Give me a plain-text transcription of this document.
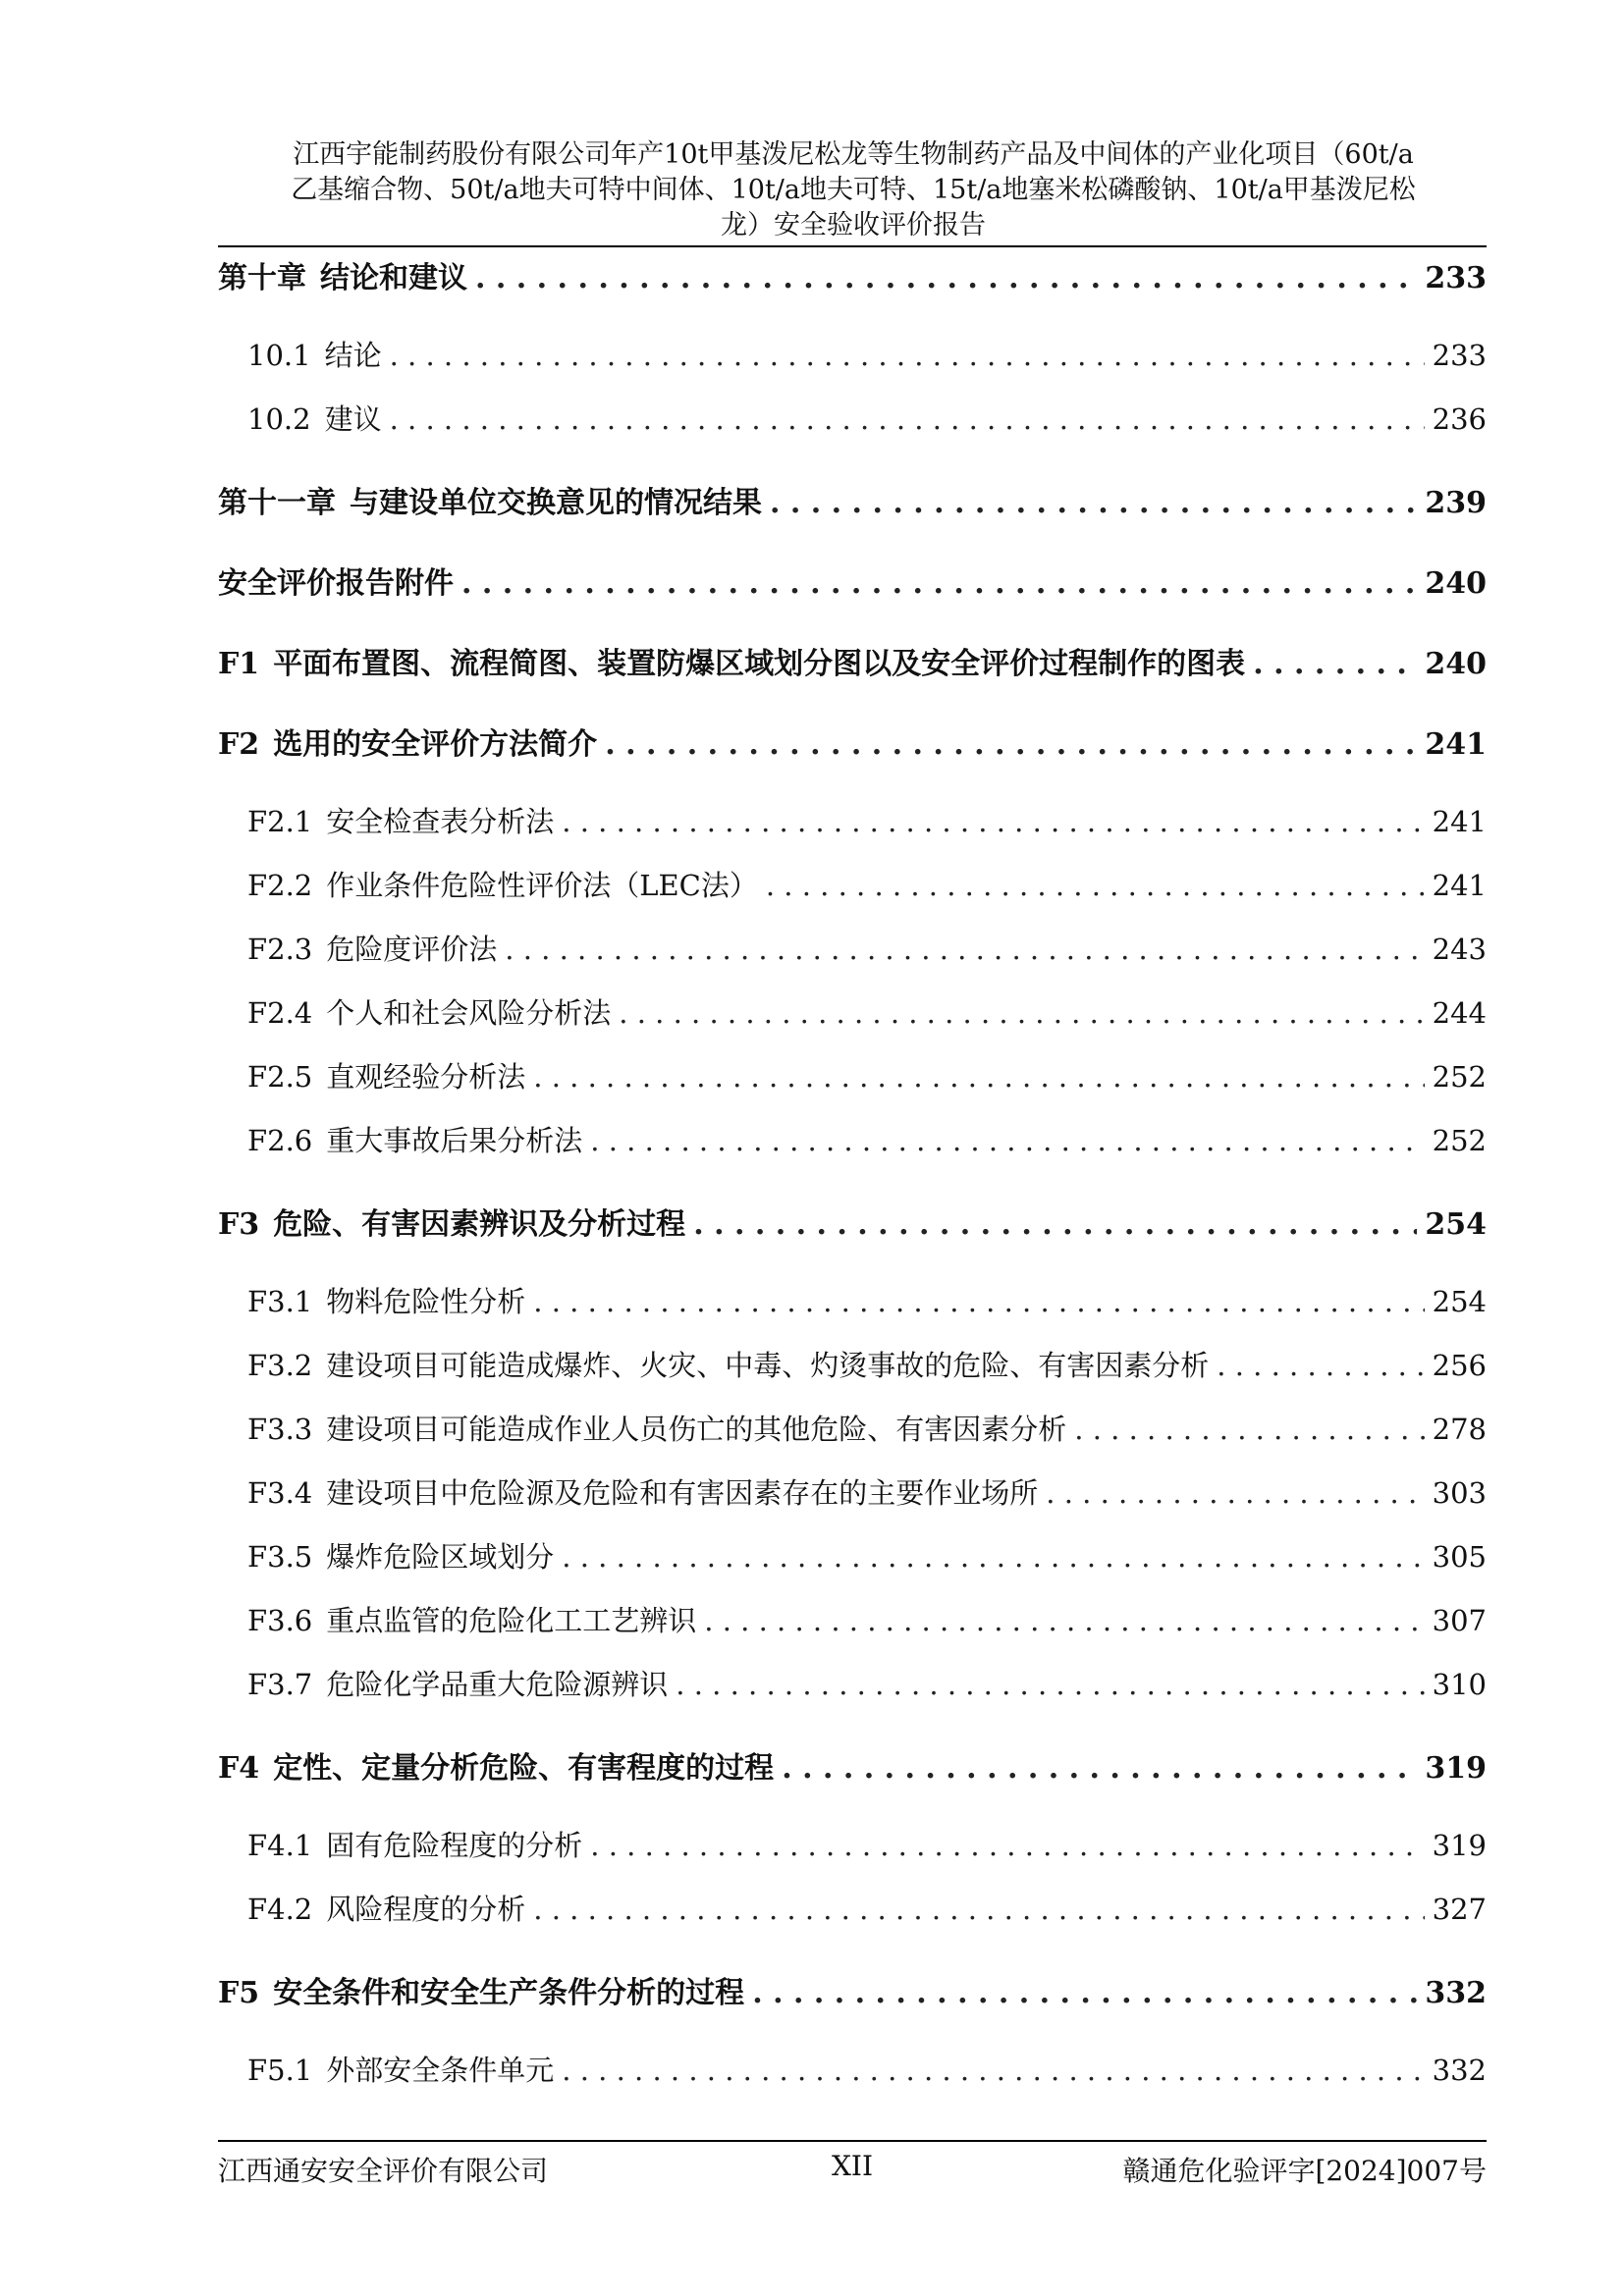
江西宇能制药股份有限公司年产10t甲基泼尼松龙等生物制药产品及中间体的产业化项目（60t/a
乙基缩合物、50t/a地夫可特中间体、10t/a地夫可特、15t/a地塞米松磷酸钠、10t/a甲基泼尼松
龙）安全验收评价报告
第十章 结论和建议 . . .	233
10.1 结论 . . .	233
10.2 建议 . . .	236
第十一章 与建设单位交换意见的情况结果 . . .	239
安全评价报告附件 . . .	240
F1 平面布置图、流程简图、装置防爆区域划分图以及安全评价过程制作的图表 . . .	240
F2 选用的安全评价方法简介 . . .	241
F2.1 安全检查表分析法 . . .	241
F2.2 作业条件危险性评价法（LEC法） . . .	241
F2.3 危险度评价法 . . .	243
F2.4 个人和社会风险分析法 . . .	244
F2.5 直观经验分析法 . . .	252
F2.6 重大事故后果分析法 . . .	252
F3 危险、有害因素辨识及分析过程 . . .	254
F3.1 物料危险性分析 . . .	254
F3.2 建设项目可能造成爆炸、火灾、中毒、灼烫事故的危险、有害因素分析 . . .	256
F3.3 建设项目可能造成作业人员伤亡的其他危险、有害因素分析 . . .	278
F3.4 建设项目中危险源及危险和有害因素存在的主要作业场所 . . .	303
F3.5 爆炸危险区域划分 . . .	305
F3.6 重点监管的危险化工工艺辨识 . . .	307
F3.7 危险化学品重大危险源辨识 . . .	310
F4 定性、定量分析危险、有害程度的过程 . . .	319
F4.1 固有危险程度的分析 . . .	319
F4.2 风险程度的分析 . . .	327
F5 安全条件和安全生产条件分析的过程 . . .	332
F5.1 外部安全条件单元 . . .	332
江西通安安全评价有限公司	XII	赣通危化验评字[2024]007号
